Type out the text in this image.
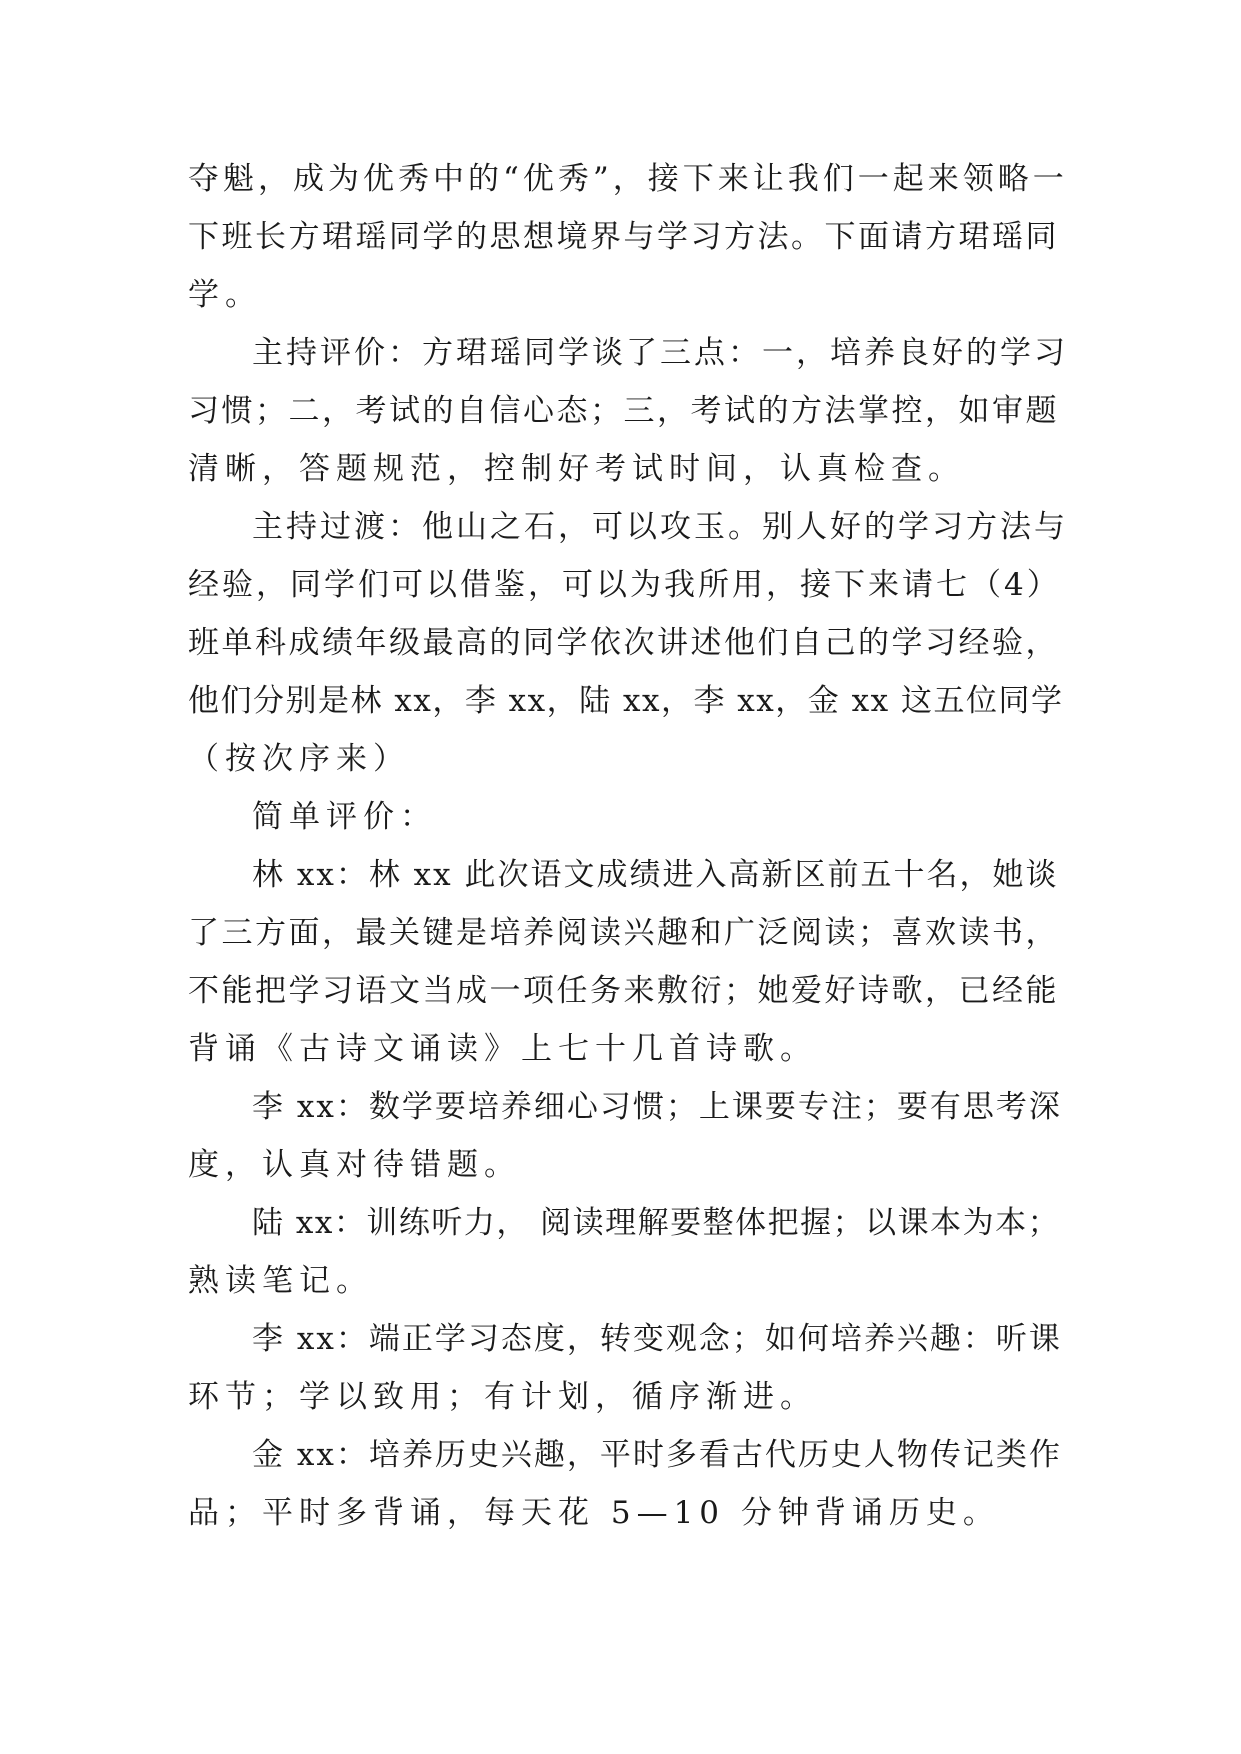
夺魁，成为优秀中的“优秀”，接下来让我们一起来领略一

下班长方珺瑶同学的思想境界与学习方法。下面请方珺瑶同

学。

主持评价：方珺瑶同学谈了三点：一，培养良好的学习

习惯；二，考试的自信心态；三，考试的方法掌控，如审题

清晰，答题规范，控制好考试时间，认真检查。

主持过渡：他山之石，可以攻玉。别人好的学习方法与

经验，同学们可以借鉴，可以为我所用，接下来请七（4）

班单科成绩年级最高的同学依次讲述他们自己的学习经验，

他们分别是林 xx，李 xx，陆 xx，李 xx，金 xx 这五位同学

（按次序来）

简单评价：

林 xx：林 xx 此次语文成绩进入高新区前五十名，她谈

了三方面，最关键是培养阅读兴趣和广泛阅读；喜欢读书，

不能把学习语文当成一项任务来敷衍；她爱好诗歌，已经能

背诵《古诗文诵读》上七十几首诗歌。

李 xx：数学要培养细心习惯；上课要专注；要有思考深

度，认真对待错题。

陆 xx：训练听力， 阅读理解要整体把握；以课本为本；

熟读笔记。

李 xx：端正学习态度，转变观念；如何培养兴趣：听课

环节；学以致用；有计划，循序渐进。

金 xx：培养历史兴趣，平时多看古代历史人物传记类作

品；平时多背诵，每天花 5—10 分钟背诵历史。
